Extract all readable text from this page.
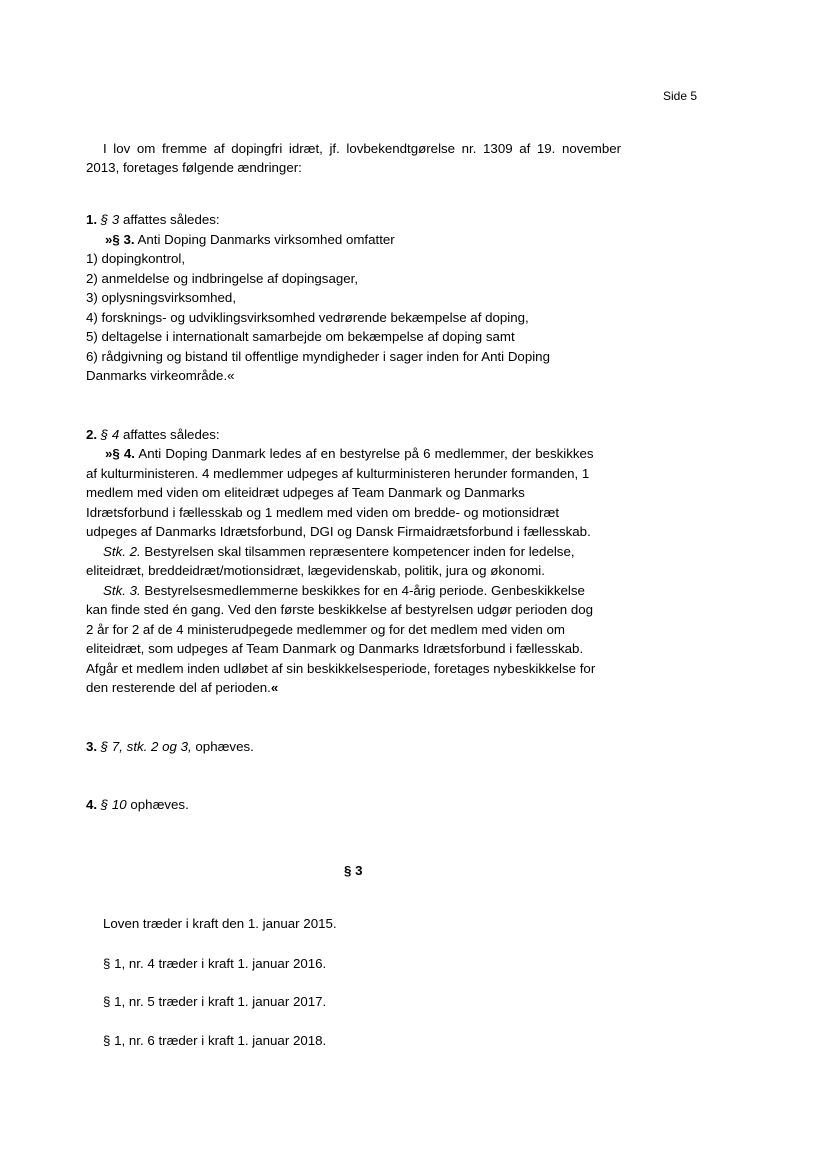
Side 5
I lov om fremme af dopingfri idræt, jf. lovbekendtgørelse nr. 1309 af 19. november
2013, foretages følgende ændringer:
1. § 3 affattes således:
»§ 3. Anti Doping Danmarks virksomhed omfatter
1) dopingkontrol,
2) anmeldelse og indbringelse af dopingsager,
3) oplysningsvirksomhed,
4) forsknings- og udviklingsvirksomhed vedrørende bekæmpelse af doping,
5) deltagelse i internationalt samarbejde om bekæmpelse af doping samt
6) rådgivning og bistand til offentlige myndigheder i sager inden for Anti Doping
Danmarks virkeområde.«
2. § 4 affattes således:
»§ 4. Anti Doping Danmark ledes af en bestyrelse på 6 medlemmer, der beskikkes
af kulturministeren. 4 medlemmer udpeges af kulturministeren herunder formanden, 1
medlem med viden om eliteidræt udpeges af Team Danmark og Danmarks
Idrætsforbund i fællesskab og 1 medlem med viden om bredde- og motionsidræt
udpeges af Danmarks Idrætsforbund, DGI og Dansk Firmaidrætsforbund i fællesskab.
Stk. 2. Bestyrelsen skal tilsammen repræsentere kompetencer inden for ledelse,
eliteidræt, breddeidræt/motionsidræt, lægevidenskab, politik, jura og økonomi.
Stk. 3. Bestyrelsesmedlemmerne beskikkes for en 4-årig periode. Genbeskikkelse
kan finde sted én gang. Ved den første beskikkelse af bestyrelsen udgør perioden dog
2 år for 2 af de 4 ministerudpegede medlemmer og for det medlem med viden om
eliteidræt, som udpeges af Team Danmark og Danmarks Idrætsforbund i fællesskab.
Afgår et medlem inden udløbet af sin beskikkelsesperiode, foretages nybeskikkelse for
den resterende del af perioden.«
3. § 7, stk. 2 og 3, ophæves.
4. § 10 ophæves.
§ 3
Loven træder i kraft den 1. januar 2015.
§ 1, nr. 4 træder i kraft 1. januar 2016.
§ 1, nr. 5 træder i kraft 1. januar 2017.
§ 1, nr. 6 træder i kraft 1. januar 2018.
